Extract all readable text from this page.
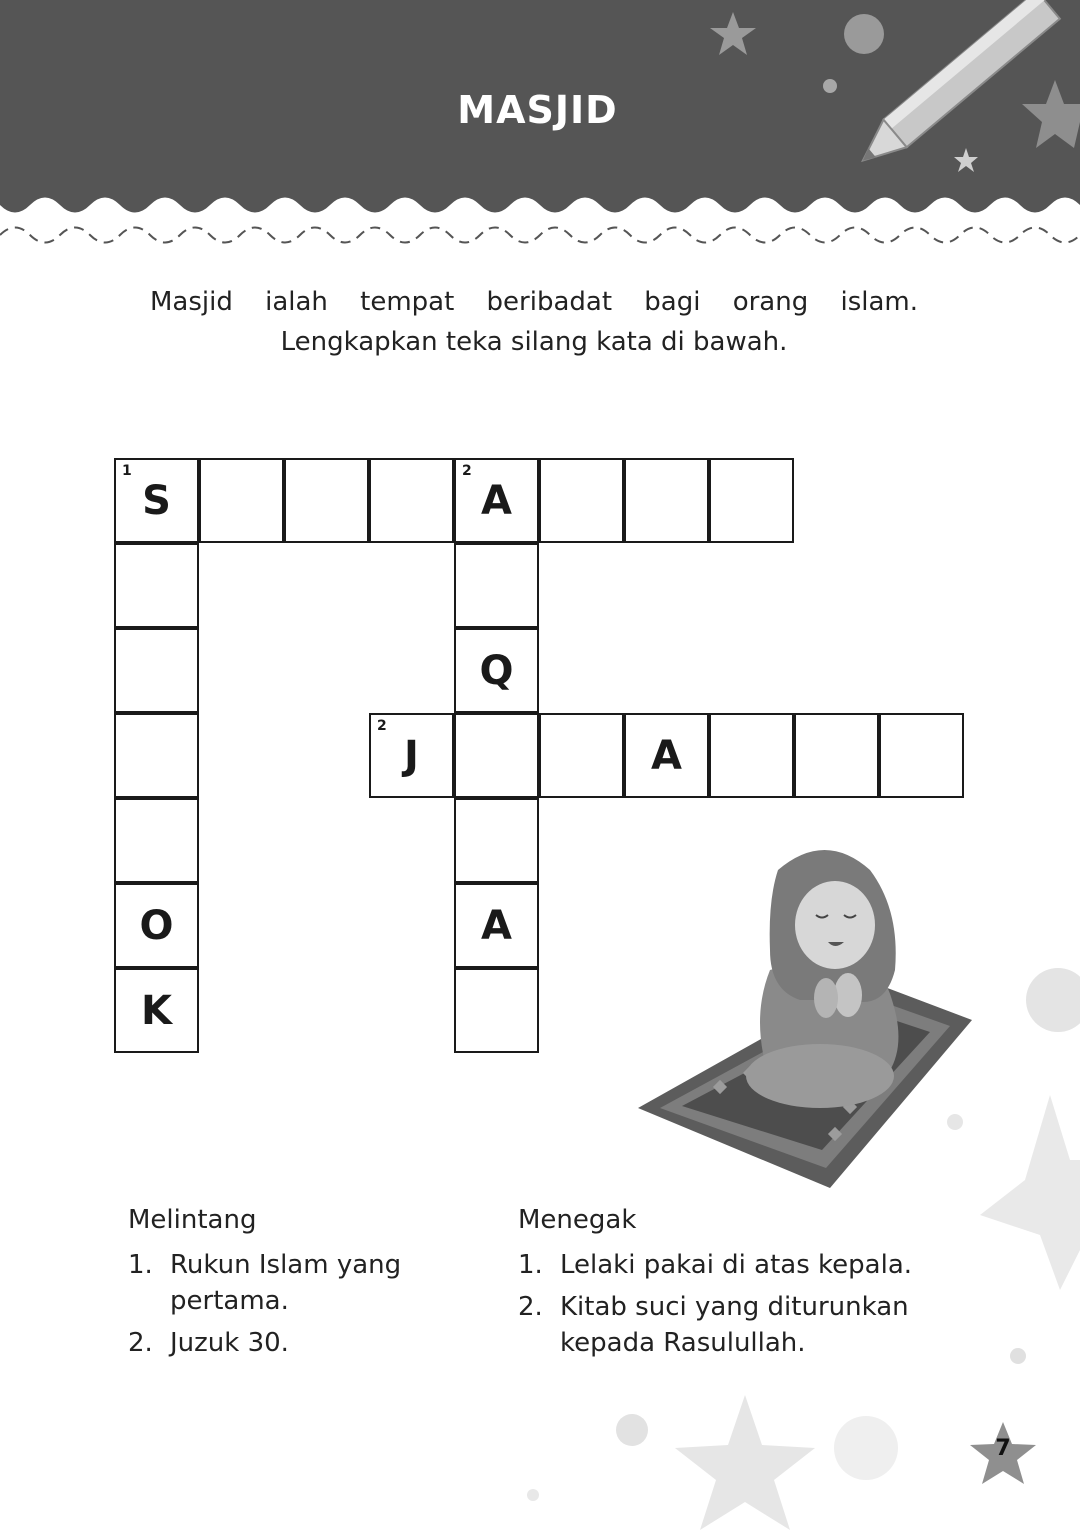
MASJID
Masjid ialah tempat beribadat bagi orang islam.
Lengkapkan teka silang kata di bawah.
1
S
2
A
O
K
Q
A
2
J	A
Melintang
1. Rukun Islam yang pertama.
2. Juzuk 30.
Menegak
1. Lelaki pakai di atas kepala.
2. Kitab suci yang diturunkan kepada Rasulullah.
7
